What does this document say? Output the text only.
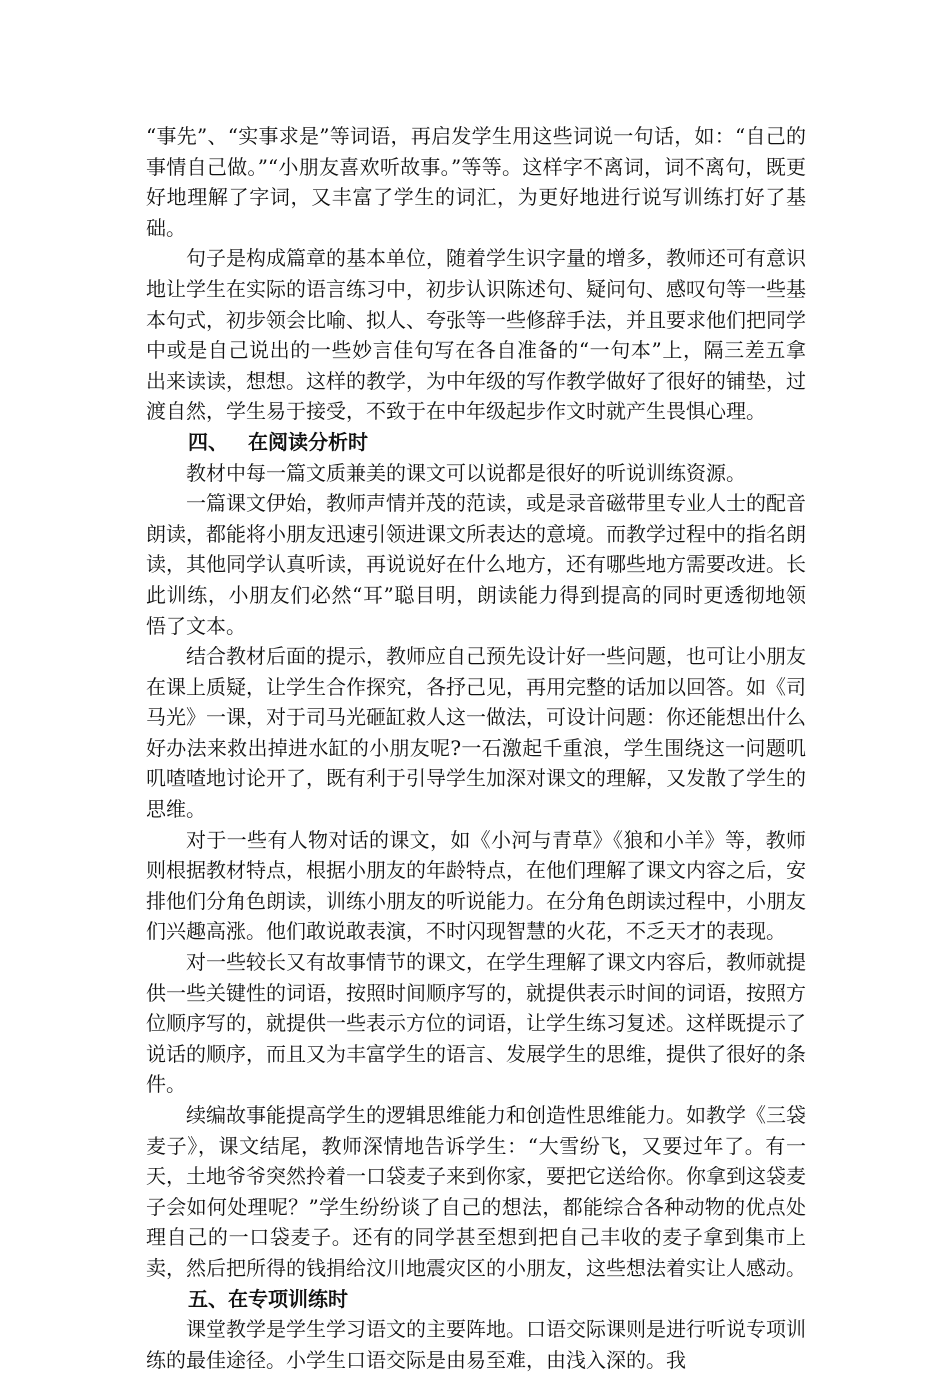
“事先”、“实事求是”等词语，再启发学生用这些词说一句话，如：“自己的事情自己做。”“小朋友喜欢听故事。”等等。这样字不离词，词不离句，既更好地理解了字词，又丰富了学生的词汇，为更好地进行说写训练打好了基础。

句子是构成篇章的基本单位，随着学生识字量的增多，教师还可有意识地让学生在实际的语言练习中，初步认识陈述句、疑问句、感叹句等一些基本句式，初步领会比喻、拟人、夸张等一些修辞手法，并且要求他们把同学中或是自己说出的一些妙言佳句写在各自准备的“一句本”上，隔三差五拿出来读读，想想。这样的教学，为中年级的写作教学做好了很好的铺垫，过渡自然，学生易于接受，不致于在中年级起步作文时就产生畏惧心理。

四、 在阅读分析时

教材中每一篇文质兼美的课文可以说都是很好的听说训练资源。

一篇课文伊始，教师声情并茂的范读，或是录音磁带里专业人士的配音朗读，都能将小朋友迅速引领进课文所表达的意境。而教学过程中的指名朗读，其他同学认真听读，再说说好在什么地方，还有哪些地方需要改进。长此训练，小朋友们必然“耳”聪目明，朗读能力得到提高的同时更透彻地领悟了文本。

结合教材后面的提示，教师应自己预先设计好一些问题，也可让小朋友在课上质疑，让学生合作探究，各抒己见，再用完整的话加以回答。如《司马光》一课，对于司马光砸缸救人这一做法，可设计问题：你还能想出什么好办法来救出掉进水缸的小朋友呢?一石激起千重浪，学生围绕这一问题叽叽喳喳地讨论开了，既有利于引导学生加深对课文的理解，又发散了学生的思维。

对于一些有人物对话的课文，如《小河与青草》《狼和小羊》等，教师则根据教材特点，根据小朋友的年龄特点，在他们理解了课文内容之后，安排他们分角色朗读，训练小朋友的听说能力。在分角色朗读过程中，小朋友们兴趣高涨。他们敢说敢表演，不时闪现智慧的火花，不乏天才的表现。

对一些较长又有故事情节的课文，在学生理解了课文内容后，教师就提供一些关键性的词语，按照时间顺序写的，就提供表示时间的词语，按照方位顺序写的，就提供一些表示方位的词语，让学生练习复述。这样既提示了说话的顺序，而且又为丰富学生的语言、发展学生的思维，提供了很好的条件。

续编故事能提高学生的逻辑思维能力和创造性思维能力。如教学《三袋麦子》，课文结尾，教师深情地告诉学生：“大雪纷飞，又要过年了。有一天，土地爷爷突然拎着一口袋麦子来到你家，要把它送给你。你拿到这袋麦子会如何处理呢？”学生纷纷谈了自己的想法，都能综合各种动物的优点处理自己的一口袋麦子。还有的同学甚至想到把自己丰收的麦子拿到集市上卖，然后把所得的钱捐给汶川地震灾区的小朋友，这些想法着实让人感动。

五、在专项训练时

课堂教学是学生学习语文的主要阵地。口语交际课则是进行听说专项训练的最佳途径。小学生口语交际是由易至难，由浅入深的。我
